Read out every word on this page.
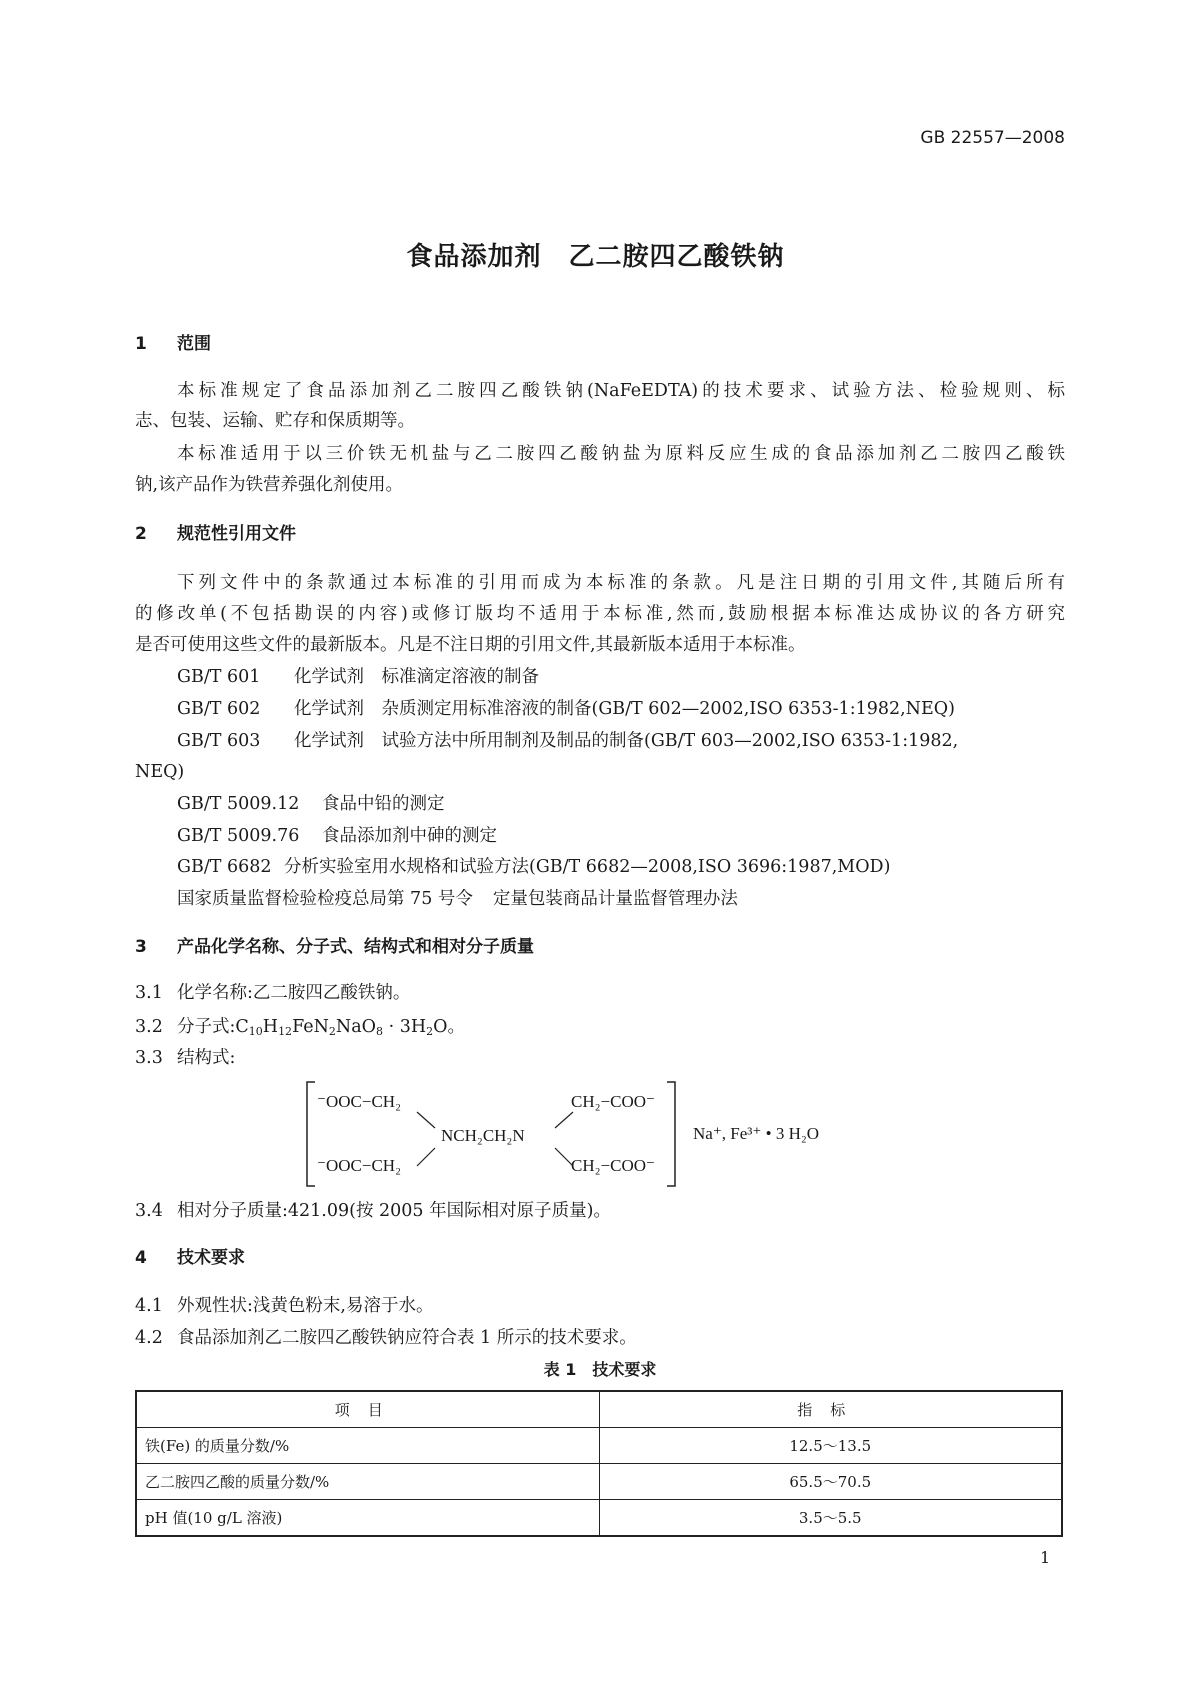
GB 22557—2008
食品添加剂　乙二胺四乙酸铁钠
1 范围
本标准规定了食品添加剂乙二胺四乙酸铁钠(NaFeEDTA)的技术要求、试验方法、检验规则、标
志、包装、运输、贮存和保质期等。
本标准适用于以三价铁无机盐与乙二胺四乙酸钠盐为原料反应生成的食品添加剂乙二胺四乙酸铁
钠,该产品作为铁营养强化剂使用。
2 规范性引用文件
下列文件中的条款通过本标准的引用而成为本标准的条款。凡是注日期的引用文件,其随后所有
的修改单(不包括勘误的内容)或修订版均不适用于本标准,然而,鼓励根据本标准达成协议的各方研究
是否可使用这些文件的最新版本。凡是不注日期的引用文件,其最新版本适用于本标准。
GB/T 601 化学试剂　标准滴定溶液的制备
GB/T 602 化学试剂　杂质测定用标准溶液的制备(GB/T 602—2002,ISO 6353-1:1982,NEQ)
GB/T 603 化学试剂　试验方法中所用制剂及制品的制备(GB/T 603—2002,ISO 6353-1:1982,
NEQ)
GB/T 5009.12 食品中铅的测定
GB/T 5009.76 食品添加剂中砷的测定
GB/T 6682 分析实验室用水规格和试验方法(GB/T 6682—2008,ISO 3696:1987,MOD)
国家质量监督检验检疫总局第 75 号令 定量包装商品计量监督管理办法
3 产品化学名称、分子式、结构式和相对分子质量
3.1 化学名称:乙二胺四乙酸铁钠。
3.2 分子式$:C_{10}H_{12}FeN_2NaO_8 \cdot 3H_2O$。
3.3 结构式:
⁻OOC−CH₂
⁻OOC−CH₂
NCH₂CH₂N
CH₂−COO⁻
CH₂−COO⁻
Na⁺, Fe³⁺ • 3 H₂O
3.4 相对分子质量:421.09(按 2005 年国际相对原子质量)。
4 技术要求
4.1 外观性状:浅黄色粉末,易溶于水。
4.2 食品添加剂乙二胺四乙酸铁钠应符合表 1 所示的技术要求。
表 1　技术要求
项目	指标
铁(Fe) 的质量分数/%	12.5～13.5
乙二胺四乙酸的质量分数/%	65.5～70.5
pH 值(10 g/L 溶液)	3.5～5.5
1
